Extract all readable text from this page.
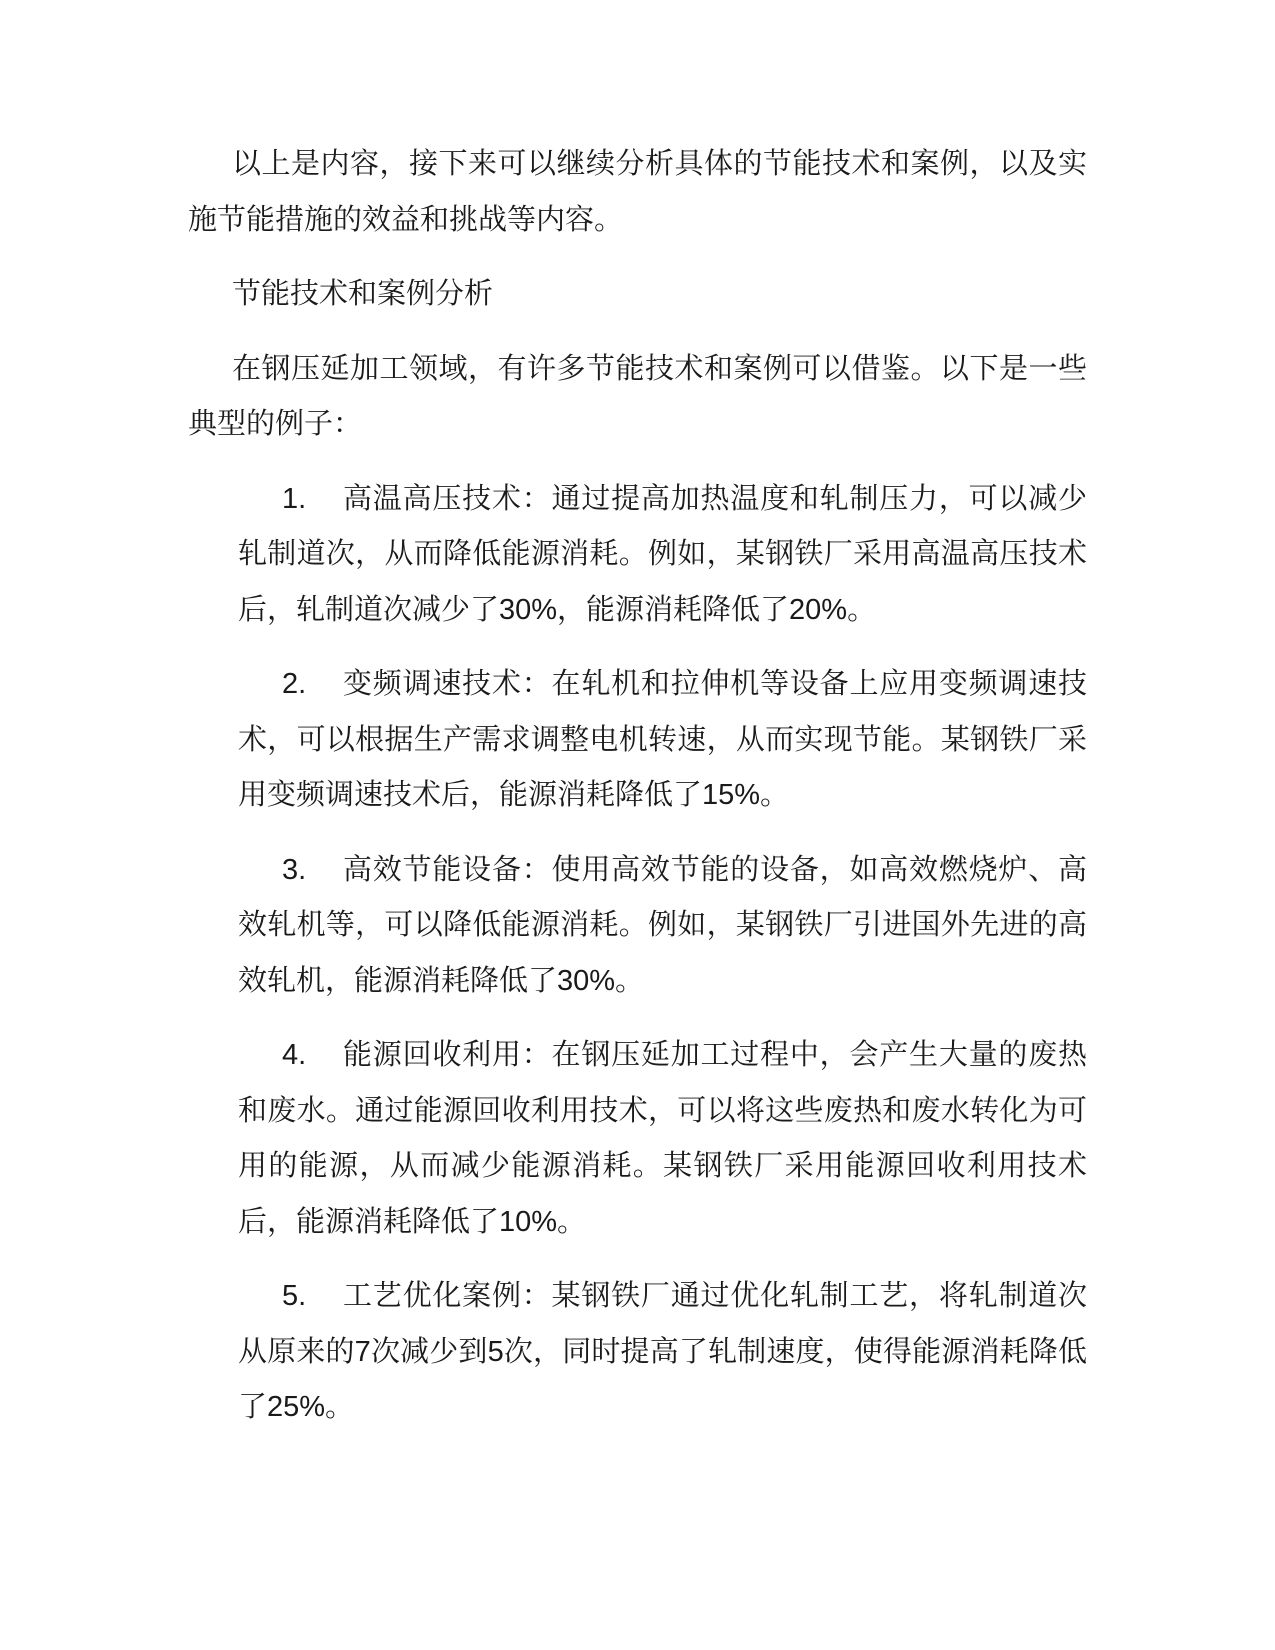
以上是内容，接下来可以继续分析具体的节能技术和案例，以及实施节能措施的效益和挑战等内容。

节能技术和案例分析

在钢压延加工领域，有许多节能技术和案例可以借鉴。以下是一些典型的例子：

1. 高温高压技术：通过提高加热温度和轧制压力，可以减少轧制道次，从而降低能源消耗。例如，某钢铁厂采用高温高压技术后，轧制道次减少了30%，能源消耗降低了20%。
2. 变频调速技术：在轧机和拉伸机等设备上应用变频调速技术，可以根据生产需求调整电机转速，从而实现节能。某钢铁厂采用变频调速技术后，能源消耗降低了15%。
3. 高效节能设备：使用高效节能的设备，如高效燃烧炉、高效轧机等，可以降低能源消耗。例如，某钢铁厂引进国外先进的高效轧机，能源消耗降低了30%。
4. 能源回收利用：在钢压延加工过程中，会产生大量的废热和废水。通过能源回收利用技术，可以将这些废热和废水转化为可用的能源，从而减少能源消耗。某钢铁厂采用能源回收利用技术后，能源消耗降低了10%。
5. 工艺优化案例：某钢铁厂通过优化轧制工艺，将轧制道次从原来的7次减少到5次，同时提高了轧制速度，使得能源消耗降低了25%。
